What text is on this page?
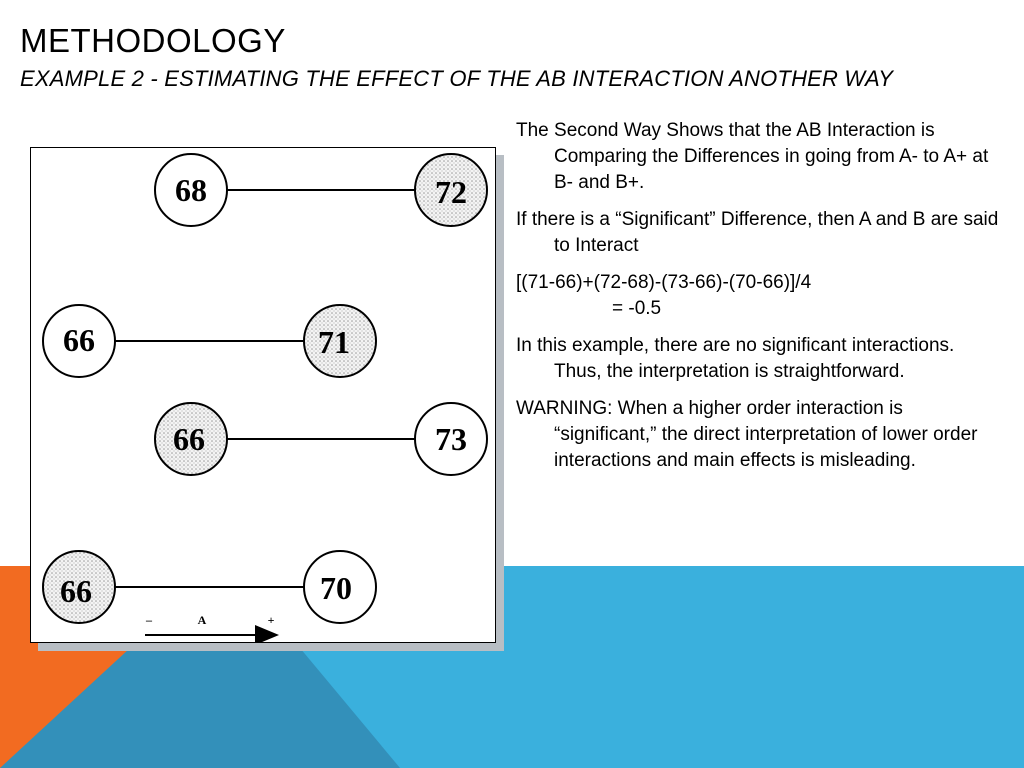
METHODOLOGY
EXAMPLE 2 - ESTIMATING THE EFFECT OF THE AB INTERACTION ANOTHER WAY
68	72
66	71
66	73
66	70
–	A	+
The Second Way Shows that the AB Interaction is Comparing the Differences in going from A- to A+ at B- and B+.
If there is a “Significant” Difference, then A and B are said to Interact
[(71-66)+(72-68)-(73-66)-(70-66)]/4
= -0.5
In this example, there are no significant interactions. Thus, the interpretation is straightforward.
WARNING: When a higher order interaction is “significant,” the direct interpretation of lower order interactions and main effects is misleading.
